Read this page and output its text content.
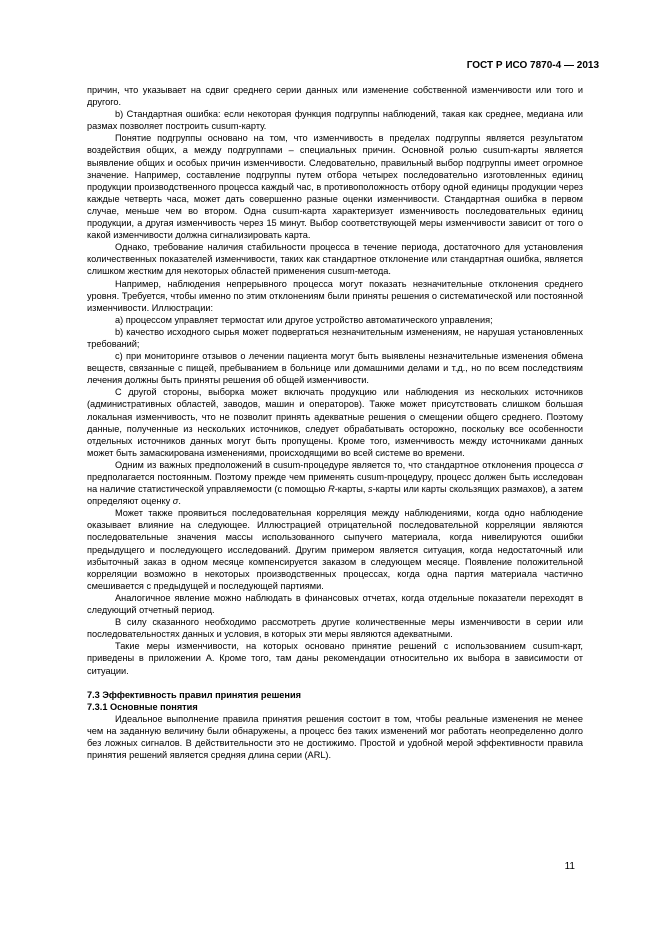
ГОСТ Р ИСО 7870-4 — 2013

причин, что указывает на сдвиг среднего серии данных или изменение собственной изменчивости или того и другого.

b) Стандартная ошибка: если некоторая функция подгруппы наблюдений, такая как среднее, медиана или размах позволяет построить cusum-карту.

Понятие подгруппы основано на том, что изменчивость в пределах подгруппы является результатом воздействия общих, а между подгруппами – специальных причин. Основной ролью cusum-карты является выявление общих и особых причин изменчивости. Следовательно, правильный выбор подгруппы имеет огромное значение. Например, составление подгруппы путем отбора четырех последовательно изготовленных единиц продукции производственного процесса каждый час, в противоположность отбору одной единицы продукции через каждые четверть часа, может дать совершенно разные оценки изменчивости. Стандартная ошибка в первом случае, меньше чем во втором. Одна cusum-карта характеризует изменчивость последовательных единиц продукции, а другая изменчивость через 15 минут. Выбор соответствующей меры изменчивости зависит от того о какой изменчивости должна сигнализировать карта.

Однако, требование наличия стабильности процесса в течение периода, достаточного для установления количественных показателей изменчивости, таких как стандартное отклонение или стандартная ошибка, является слишком жестким для некоторых областей применения cusum-метода.

Например, наблюдения непрерывного процесса могут показать незначительные отклонения среднего уровня. Требуется, чтобы именно по этим отклонениям были приняты решения о систематической или постоянной изменчивости. Иллюстрации:

a) процессом управляет термостат или другое устройство автоматического управления;

b) качество исходного сырья может подвергаться незначительным изменениям, не нарушая установленных требований;

c) при мониторинге отзывов о лечении пациента могут быть выявлены незначительные изменения обмена веществ, связанные с пищей, пребыванием в больнице или домашними делами и т.д., но по всем последствиям лечения должны быть приняты решения об общей изменчивости.

С другой стороны, выборка может включать продукцию или наблюдения из нескольких источников (административных областей, заводов, машин и операторов). Также может присутствовать слишком большая локальная изменчивость, что не позволит принять адекватные решения о смещении общего среднего. Поэтому данные, полученные из нескольких источников, следует обрабатывать осторожно, поскольку все особенности отдельных источников данных могут быть пропущены. Кроме того, изменчивость между источниками данных может быть замаскирована изменениями, происходящими во всей системе во времени.

Одним из важных предположений в cusum-процедуре является то, что стандартное отклонения процесса σ предполагается постоянным. Поэтому прежде чем применять cusum-процедуру, процесс должен быть исследован на наличие статистической управляемости (с помощью R-карты, s-карты или карты скользящих размахов), а затем определяют оценку σ.

Может также проявиться последовательная корреляция между наблюдениями, когда одно наблюдение оказывает влияние на следующее. Иллюстрацией отрицательной последовательной корреляции являются последовательные значения массы использованного сыпучего материала, когда нивелируются ошибки предыдущего и последующего исследований. Другим примером является ситуация, когда недостаточный или избыточный заказ в одном месяце компенсируется заказом в следующем месяце. Появление положительной корреляции возможно в некоторых производственных процессах, когда одна партия материала частично смешивается с предыдущей и последующей партиями.

Аналогичное явление можно наблюдать в финансовых отчетах, когда отдельные показатели переходят в следующий отчетный период.

В силу сказанного необходимо рассмотреть другие количественные меры изменчивости в серии или последовательностях данных и условия, в которых эти меры являются адекватными.

Такие меры изменчивости, на которых основано принятие решений с использованием cusum-карт, приведены в приложении А. Кроме того, там даны рекомендации относительно их выбора в зависимости от ситуации.

7.3 Эффективность правил принятия решения

7.3.1 Основные понятия

Идеальное выполнение правила принятия решения состоит в том, чтобы реальные изменения не менее чем на заданную величину были обнаружены, а процесс без таких изменений мог работать неопределенно долго без ложных сигналов. В действительности это не достижимо. Простой и удобной мерой эффективности правила принятия решений является средняя длина серии (ARL).

11
